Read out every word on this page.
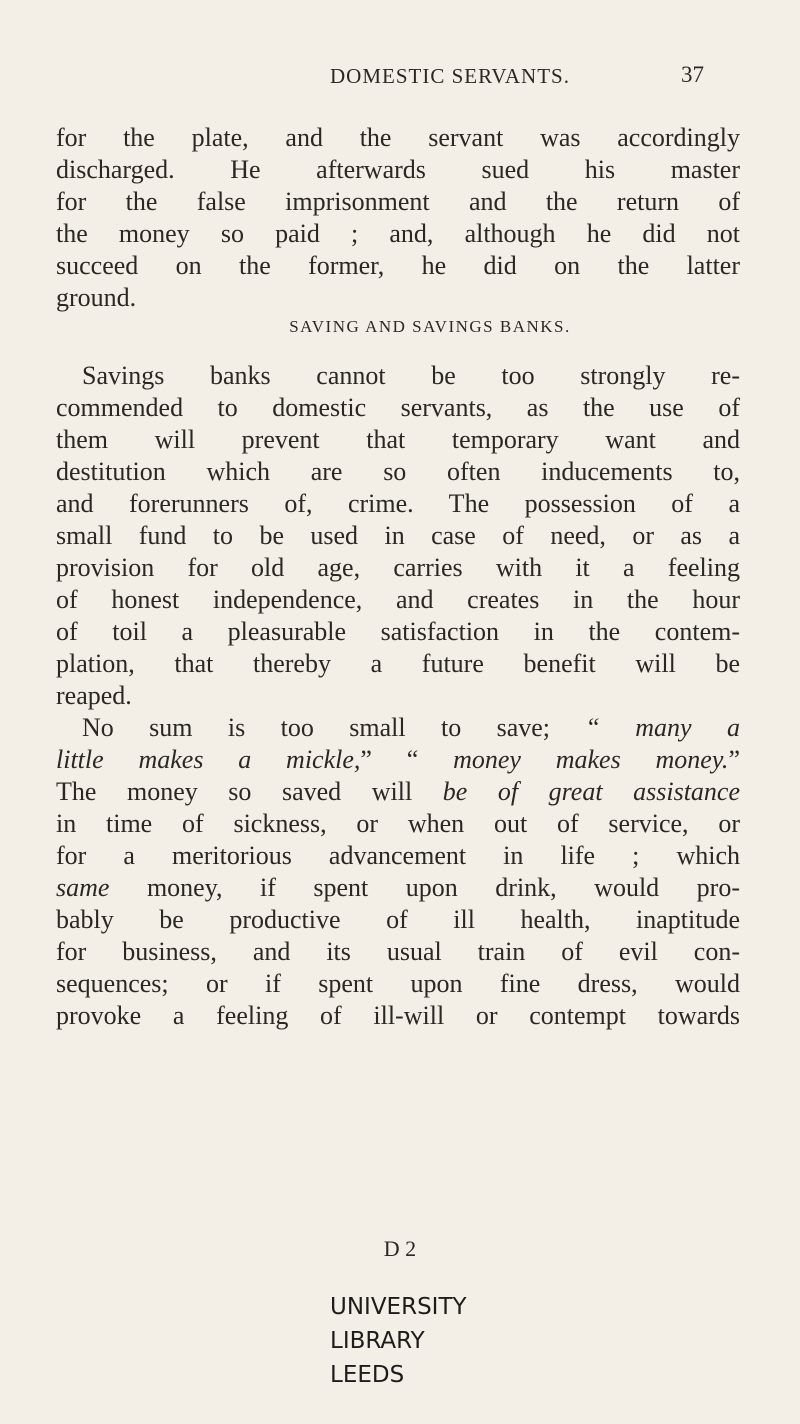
DOMESTIC SERVANTS.	37
for the plate, and the servant was accordingly
discharged. He afterwards sued his master
for the false imprisonment and the return of
the money so paid ; and, although he did not
succeed on the former, he did on the latter
ground.
SAVING AND SAVINGS BANKS.
Savings banks cannot be too strongly re-
commended to domestic servants, as the use of
them will prevent that temporary want and
destitution which are so often inducements to,
and forerunners of, crime. The possession of a
small fund to be used in case of need, or as a
provision for old age, carries with it a feeling
of honest independence, and creates in the hour
of toil a pleasurable satisfaction in the contem-
plation, that thereby a future benefit will be
reaped.
No sum is too small to save; “ many a
little makes a mickle,” “ money makes money.”
The money so saved will be of great assistance
in time of sickness, or when out of service, or
for a meritorious advancement in life ; which
same money, if spent upon drink, would pro-
bably be productive of ill health, inaptitude
for business, and its usual train of evil con-
sequences; or if spent upon fine dress, would
provoke a feeling of ill-will or contempt towards
D 2
UNIVERSITY
LIBRARY
LEEDS
